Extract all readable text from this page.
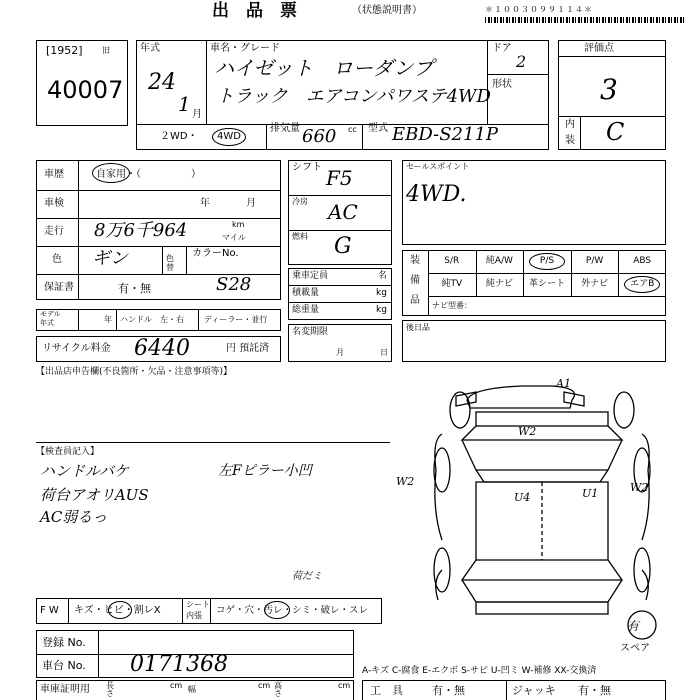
出　品　票	（状態説明書）	＊１００３０９９１１４＊
[1952] 旧
40007
年式
24
1 月
車名・グレード
ハイゼット　ローダンプ
トラック　エアコンパワステ4WD
ドア
2
形状
２WD・	4WD
排気量 660 cc 型式 EBD-S211P
評価点
3
内
装 C
車歴	自家用・（　　　　　）
車検	年	月
走行 8万6千964	km
マイル
色 ギン	色替
カラーNo.
保証書	有・無	S28
シフト F5
冷房 AC
燃料 G
乗車定員	名
積載量	kg
総重量	kg
セールスポイント
4WD.
装
備
品
S/R	純A/W	P/S	P/W	ABS
純TV	純ナビ	革シート	外ナビ	エアB
ナビ型番：
モデル
年式	年 ハンドル　左・右	ディーラー・並行
名変期限
月	日
後日品
リサイクル料金 6440	円 預託済
【出品店申告欄(不良箇所・欠品・注意事項等)】
【検査員記入】
ハンドルバケ
荷台アオリAUS
AC弱るっ
左Fピラー小凹
A1
W2
W2
U4	U1	W2
有
スペア
荷だミ
F W キズ・ヒビ・割レX
シート
内張 コゲ・穴・汚レ・シミ・破レ・スレ
登録 No.
車台 No. 0171368
車庫証明用 長さ
cm 幅	cm 高さ
cm
A-キズ C-腐食 E-エクボ S-サビ U-凹ミ W-補修 XX-交換済
工　具	有・無	ジャッキ 有・無
